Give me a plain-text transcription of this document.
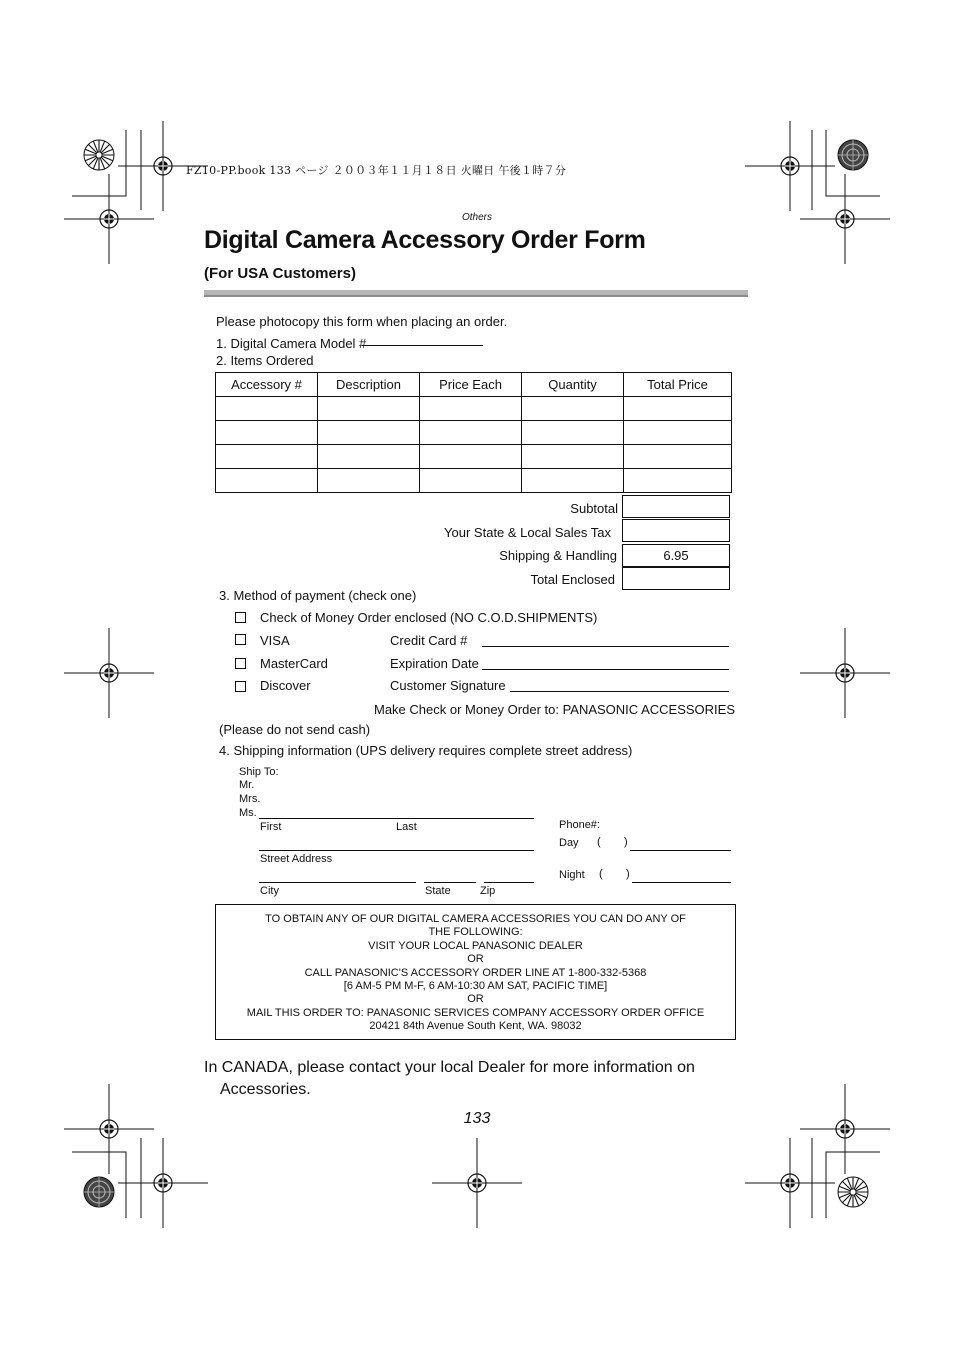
FZ10-PP.book 133 ページ ２００３年１１月１８日 火曜日 午後１時７分
Others
Digital Camera Accessory Order Form
(For USA Customers)
Please photocopy this form when placing an order.
1. Digital Camera Model #
2. Items Ordered
Accessory #	Description	Price Each	Quantity	Total Price

Subtotal
Your State & Local Sales Tax
Shipping & Handling	6.95
Total Enclosed
3. Method of payment (check one)
Check of Money Order enclosed (NO C.O.D.SHIPMENTS)
VISA	Credit Card #
MasterCard	Expiration Date
Discover	Customer Signature
Make Check or Money Order to: PANASONIC ACCESSORIES
(Please do not send cash)
4. Shipping information (UPS delivery requires complete street address)
Ship To:
Mr.
Mrs.
Ms.
First	Last
Street Address
City	State	Zip
Phone#:
Day ( )
Night ( )
TO OBTAIN ANY OF OUR DIGITAL CAMERA ACCESSORIES YOU CAN DO ANY OF
THE FOLLOWING:
VISIT YOUR LOCAL PANASONIC DEALER
OR
CALL PANASONIC'S ACCESSORY ORDER LINE AT 1-800-332-5368
[6 AM-5 PM M-F, 6 AM-10:30 AM SAT, PACIFIC TIME]
OR
MAIL THIS ORDER TO: PANASONIC SERVICES COMPANY ACCESSORY ORDER OFFICE
20421 84th Avenue South Kent, WA. 98032
In CANADA, please contact your local Dealer for more information on
Accessories.
133
